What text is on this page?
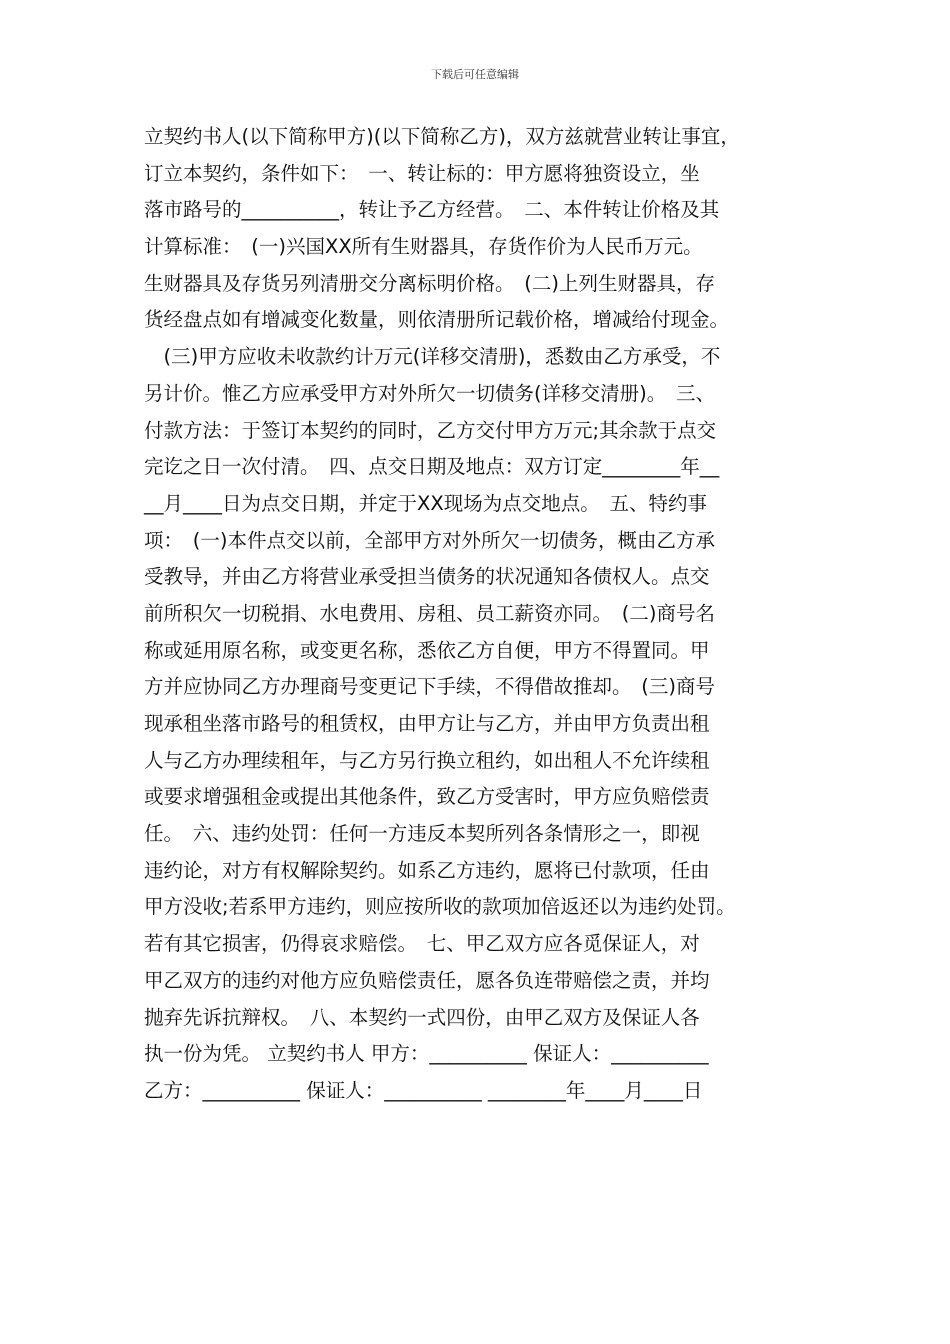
下载后可任意编辑
立契约书人(以下简称甲方)(以下简称乙方)，双方兹就营业转让事宜，
订立本契约，条件如下：　一、转让标的：甲方愿将独资设立，坐
落市路号的__________，转让予乙方经营。　二、本件转让价格及其
计算标准：　(一)兴国XX所有生财器具，存货作价为人民币万元。
生财器具及存货另列清册交分离标明价格。　(二)上列生财器具，存
货经盘点如有增减变化数量，则依清册所记载价格，增减给付现金。
　(三)甲方应收未收款约计万元(详移交清册)，悉数由乙方承受，不
另计价。惟乙方应承受甲方对外所欠一切债务(详移交清册)。　三、
付款方法：于签订本契约的同时，乙方交付甲方万元;其余款于点交
完讫之日一次付清。　四、点交日期及地点：双方订定________年__
__月____日为点交日期，并定于XX现场为点交地点。　五、特约事
项：　(一)本件点交以前，全部甲方对外所欠一切债务，概由乙方承
受教导，并由乙方将营业承受担当债务的状况通知各债权人。点交
前所积欠一切税捐、水电费用、房租、员工薪资亦同。　(二)商号名
称或延用原名称，或变更名称，悉依乙方自便，甲方不得置同。甲
方并应协同乙方办理商号变更记下手续，不得借故推却。　(三)商号
现承租坐落市路号的租赁权，由甲方让与乙方，并由甲方负责出租
人与乙方办理续租年，与乙方另行换立租约，如出租人不允许续租
或要求增强租金或提出其他条件，致乙方受害时，甲方应负赔偿责
任。　六、违约处罚：任何一方违反本契所列各条情形之一，即视
违约论，对方有权解除契约。如系乙方违约，愿将已付款项，任由
甲方没收;若系甲方违约，则应按所收的款项加倍返还以为违约处罚。
若有其它损害，仍得哀求赔偿。　七、甲乙双方应各觅保证人，对
甲乙双方的违约对他方应负赔偿责任，愿各负连带赔偿之责，并均
抛弃先诉抗辩权。　八、本契约一式四份，由甲乙双方及保证人各
执一份为凭。 立契约书人 甲方：__________ 保证人：__________
乙方：__________ 保证人：__________ ________年____月____日
